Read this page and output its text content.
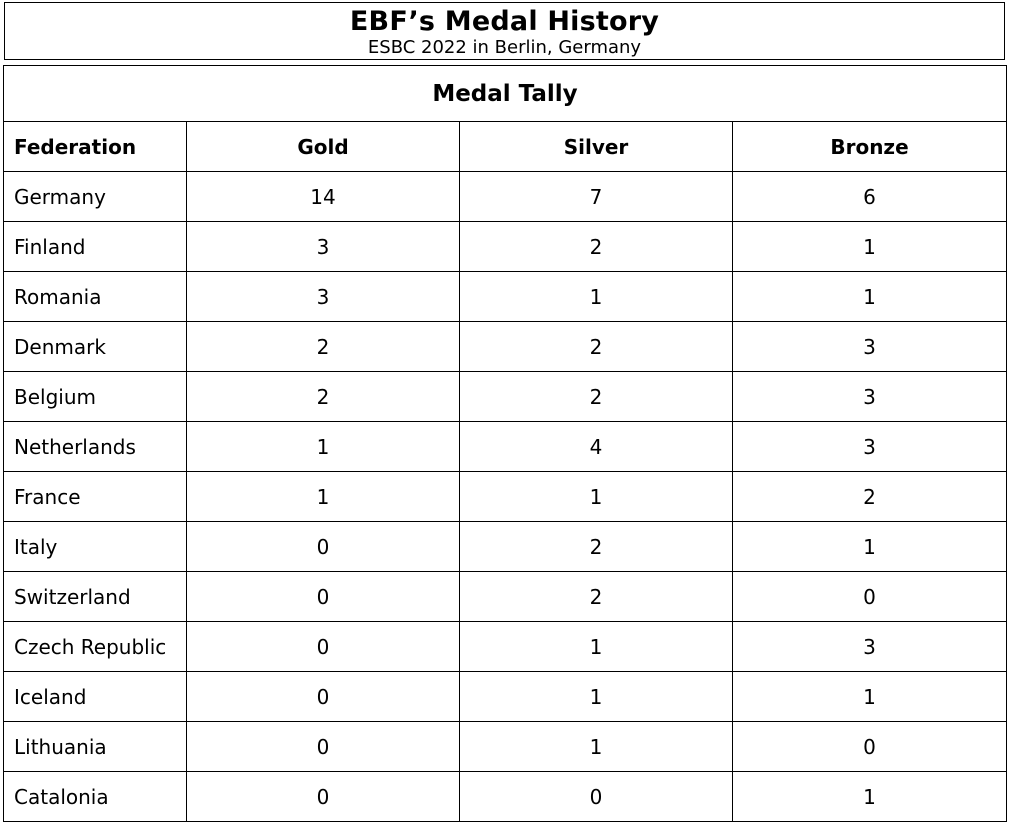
EBF’s Medal History
ESBC 2022 in Berlin, Germany
Medal Tally			
Federation	Gold	Silver	Bronze
Germany	14	7	6
Finland	3	2	1
Romania	3	1	1
Denmark	2	2	3
Belgium	2	2	3
Netherlands	1	4	3
France	1	1	2
Italy	0	2	1
Switzerland	0	2	0
Czech Republic	0	1	3
Iceland	0	1	1
Lithuania	0	1	0
Catalonia	0	0	1
